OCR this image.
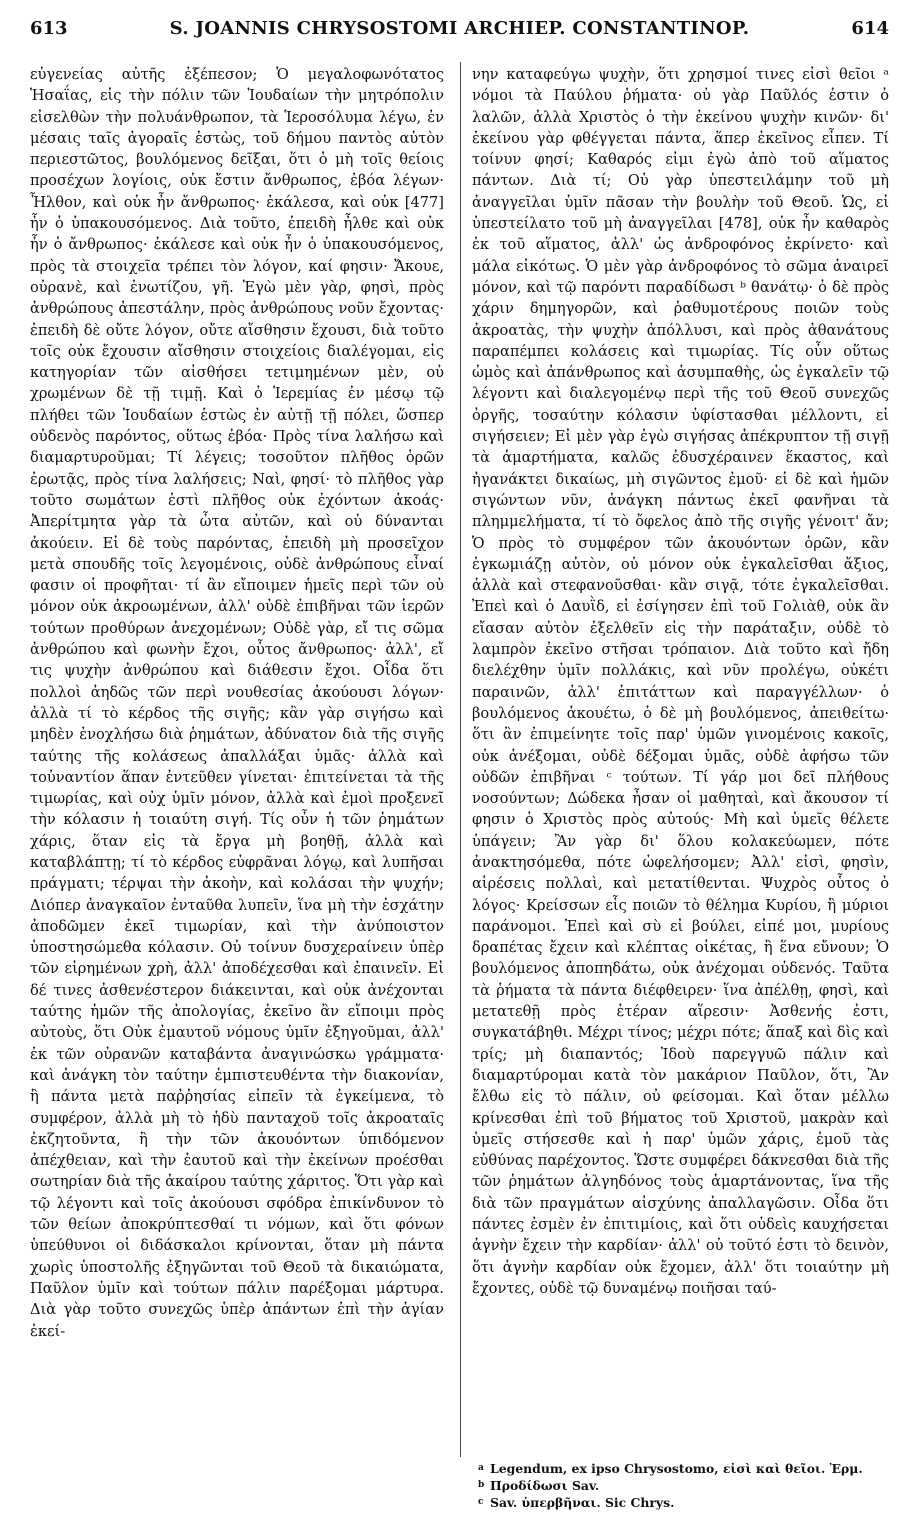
613	S. JOANNIS CHRYSOSTOMI ARCHIEP. CONSTANTINOP.	614

εὐγενείας αὐτῆς ἐξέπεσον; Ὁ μεγαλοφωνότατος Ἡσαΐας, εἰς τὴν πόλιν τῶν Ἰουδαίων τὴν μητρόπολιν εἰσελθὼν τὴν πολυάνθρωπον, τὰ Ἱεροσόλυμα λέγω, ἐν μέσαις ταῖς ἀγοραῖς ἑστὼς, τοῦ δήμου παντὸς αὐτὸν περιεστῶτος, βουλόμενος δεῖξαι, ὅτι ὁ μὴ τοῖς θείοις προσέχων λογίοις, οὐκ ἔστιν ἄνθρωπος, ἐβόα λέγων· Ἦλθον, καὶ οὐκ ἦν ἄνθρωπος· ἐκάλεσα, καὶ οὐκ [477] ἦν ὁ ὑπακουσόμενος. Διὰ τοῦτο, ἐπειδὴ ἦλθε καὶ οὐκ ἦν ὁ ἄνθρωπος· ἐκάλεσε καὶ οὐκ ἦν ὁ ὑπακουσόμενος, πρὸς τὰ στοιχεῖα τρέπει τὸν λόγον, καί φησιν· Ἄκουε, οὐρανὲ, καὶ ἐνωτίζου, γῆ. Ἐγὼ μὲν γὰρ, φησὶ, πρὸς ἀνθρώπους ἀπεστάλην, πρὸς ἀνθρώπους νοῦν ἔχοντας· ἐπειδὴ δὲ οὔτε λόγον, οὔτε αἴσθησιν ἔχουσι, διὰ τοῦτο τοῖς οὐκ ἔχουσιν αἴσθησιν στοιχείοις διαλέγομαι, εἰς κατηγορίαν τῶν αἰσθήσει τετιμημένων μὲν, οὐ χρωμένων δὲ τῇ τιμῇ. Καὶ ὁ Ἱερεμίας ἐν μέσῳ τῷ πλήθει τῶν Ἰουδαίων ἑστὼς ἐν αὐτῇ τῇ πόλει, ὥσπερ οὐδενὸς παρόντος, οὕτως ἐβόα· Πρὸς τίνα λαλήσω καὶ διαμαρτυροῦμαι; Τί λέγεις; τοσοῦτον πλῆθος ὁρῶν ἐρωτᾷς, πρὸς τίνα λαλήσεις; Ναὶ, φησί· τὸ πλῆθος γὰρ τοῦτο σωμάτων ἐστὶ πλῆθος οὐκ ἐχόντων ἀκοάς· Ἀπερίτμητα γὰρ τὰ ὦτα αὐτῶν, καὶ οὐ δύνανται ἀκούειν. Εἰ δὲ τοὺς παρόντας, ἐπειδὴ μὴ προσεῖχον μετὰ σπουδῆς τοῖς λεγομένοις, οὐδὲ ἀνθρώπους εἶναί φασιν οἱ προφῆται· τί ἂν εἴποιμεν ἡμεῖς περὶ τῶν οὐ μόνον οὐκ ἀκροωμένων, ἀλλ' οὐδὲ ἐπιβῆναι τῶν ἱερῶν τούτων προθύρων ἀνεχομένων; Οὐδὲ γὰρ, εἴ τις σῶμα ἀνθρώπου καὶ φωνὴν ἔχοι, οὗτος ἄνθρωπος· ἀλλ', εἴ τις ψυχὴν ἀνθρώπου καὶ διάθεσιν ἔχοι. Οἶδα ὅτι πολλοὶ ἀηδῶς τῶν περὶ νουθεσίας ἀκούουσι λόγων· ἀλλὰ τί τὸ κέρδος τῆς σιγῆς; κἂν γὰρ σιγήσω καὶ μηδὲν ἐνοχλήσω διὰ ῥημάτων, ἀδύνατον διὰ τῆς σιγῆς ταύτης τῆς κολάσεως ἀπαλλάξαι ὑμᾶς· ἀλλὰ καὶ τοὐναντίον ἅπαν ἐντεῦθεν γίνεται· ἐπιτείνεται τὰ τῆς τιμωρίας, καὶ οὐχ ὑμῖν μόνον, ἀλλὰ καὶ ἐμοὶ προξενεῖ τὴν κόλασιν ἡ τοιαύτη σιγή. Τίς οὖν ἡ τῶν ῥημάτων χάρις, ὅταν εἰς τὰ ἔργα μὴ βοηθῇ, ἀλλὰ καὶ καταβλάπτῃ; τί τὸ κέρδος εὐφρᾶναι λόγῳ, καὶ λυπῆσαι πράγματι; τέρψαι τὴν ἀκοὴν, καὶ κολάσαι τὴν ψυχήν; Διόπερ ἀναγκαῖον ἐνταῦθα λυπεῖν, ἵνα μὴ τὴν ἐσχάτην ἀποδῶμεν ἐκεῖ τιμωρίαν, καὶ τὴν ἀνύποιστον ὑποστησώμεθα κόλασιν. Οὐ τοίνυν δυσχεραίνειν ὑπὲρ τῶν εἰρημένων χρὴ, ἀλλ' ἀποδέχεσθαι καὶ ἐπαινεῖν. Εἰ δέ τινες ἀσθενέστερον διάκεινται, καὶ οὐκ ἀνέχονται ταύτης ἡμῶν τῆς ἀπολογίας, ἐκεῖνο ἂν εἴποιμι πρὸς αὐτοὺς, ὅτι Οὐκ ἐμαυτοῦ νόμους ὑμῖν ἐξηγοῦμαι, ἀλλ' ἐκ τῶν οὐρανῶν καταβάντα ἀναγινώσκω γράμματα· καὶ ἀνάγκη τὸν ταύτην ἐμπιστευθέντα τὴν διακονίαν, ἢ πάντα μετὰ παῤῥησίας εἰπεῖν τὰ ἐγκείμενα, τὸ συμφέρον, ἀλλὰ μὴ τὸ ἡδὺ πανταχοῦ τοῖς ἀκροαταῖς ἐκζητοῦντα, ἢ τὴν τῶν ἀκουόντων ὑπιδόμενον ἀπέχθειαν, καὶ τὴν ἑαυτοῦ καὶ τὴν ἐκείνων προέσθαι σωτηρίαν διὰ τῆς ἀκαίρου ταύτης χάριτος. Ὅτι γὰρ καὶ τῷ λέγοντι καὶ τοῖς ἀκούουσι σφόδρα ἐπικίνδυνον τὸ τῶν θείων ἀποκρύπτεσθαί τι νόμων, καὶ ὅτι φόνων ὑπεύθυνοι οἱ διδάσκαλοι κρίνονται, ὅταν μὴ πάντα χωρὶς ὑποστολῆς ἐξηγῶνται τοῦ Θεοῦ τὰ δικαιώματα, Παῦλον ὑμῖν καὶ τούτων πάλιν παρέξομαι μάρτυρα. Διὰ γὰρ τοῦτο συνεχῶς ὑπὲρ ἁπάντων ἐπὶ τὴν ἁγίαν ἐκεί-

νην καταφεύγω ψυχὴν, ὅτι χρησμοί τινες εἰσὶ θεῖοι ᵃ νόμοι τὰ Παύλου ῥήματα· οὐ γὰρ Παῦλός ἐστιν ὁ λαλῶν, ἀλλὰ Χριστὸς ὁ τὴν ἐκείνου ψυχὴν κινῶν· δι' ἐκείνου γὰρ φθέγγεται πάντα, ἅπερ ἐκεῖνος εἶπεν. Τί τοίνυν φησί; Καθαρός εἰμι ἐγὼ ἀπὸ τοῦ αἵματος πάντων. Διὰ τί; Οὐ γὰρ ὑπεστειλάμην τοῦ μὴ ἀναγγεῖλαι ὑμῖν πᾶσαν τὴν βουλὴν τοῦ Θεοῦ. Ὡς, εἰ ὑπεστείλατο τοῦ μὴ ἀναγγεῖλαι [478], οὐκ ἦν καθαρὸς ἐκ τοῦ αἵματος, ἀλλ' ὡς ἀνδροφόνος ἐκρίνετο· καὶ μάλα εἰκότως. Ὁ μὲν γὰρ ἀνδροφόνος τὸ σῶμα ἀναιρεῖ μόνον, καὶ τῷ παρόντι παραδίδωσι ᵇ θανάτῳ· ὁ δὲ πρὸς χάριν δημηγορῶν, καὶ ῥαθυμοτέρους ποιῶν τοὺς ἀκροατὰς, τὴν ψυχὴν ἀπόλλυσι, καὶ πρὸς ἀθανάτους παραπέμπει κολάσεις καὶ τιμωρίας. Τίς οὖν οὕτως ὠμὸς καὶ ἀπάνθρωπος καὶ ἀσυμπαθὴς, ὡς ἐγκαλεῖν τῷ λέγοντι καὶ διαλεγομένῳ περὶ τῆς τοῦ Θεοῦ συνεχῶς ὀργῆς, τοσαύτην κόλασιν ὑφίστασθαι μέλλοντι, εἰ σιγήσειεν; Εἰ μὲν γὰρ ἐγὼ σιγήσας ἀπέκρυπτον τῇ σιγῇ τὰ ἁμαρτήματα, καλῶς ἐδυσχέραινεν ἕκαστος, καὶ ἠγανάκτει δικαίως, μὴ σιγῶντος ἐμοῦ· εἰ δὲ καὶ ἡμῶν σιγώντων νῦν, ἀνάγκη πάντως ἐκεῖ φανῆναι τὰ πλημμελήματα, τί τὸ ὄφελος ἀπὸ τῆς σιγῆς γένοιτ' ἄν; Ὁ πρὸς τὸ συμφέρον τῶν ἀκουόντων ὁρῶν, κἂν ἐγκωμιάζῃ αὐτὸν, οὐ μόνον οὐκ ἐγκαλεῖσθαι ἄξιος, ἀλλὰ καὶ στεφανοῦσθαι· κἂν σιγᾷ, τότε ἐγκαλεῖσθαι. Ἐπεὶ καὶ ὁ Δαυῒδ, εἰ ἐσίγησεν ἐπὶ τοῦ Γολιὰθ, οὐκ ἂν εἴασαν αὐτὸν ἐξελθεῖν εἰς τὴν παράταξιν, οὐδὲ τὸ λαμπρὸν ἐκεῖνο στῆσαι τρόπαιον. Διὰ τοῦτο καὶ ἤδη διελέχθην ὑμῖν πολλάκις, καὶ νῦν προλέγω, οὐκέτι παραινῶν, ἀλλ' ἐπιτάττων καὶ παραγγέλλων· ὁ βουλόμενος ἀκουέτω, ὁ δὲ μὴ βουλόμενος, ἀπειθείτω· ὅτι ἂν ἐπιμείνητε τοῖς παρ' ὑμῶν γινομένοις κακοῖς, οὐκ ἀνέξομαι, οὐδὲ δέξομαι ὑμᾶς, οὐδὲ ἀφήσω τῶν οὐδῶν ἐπιβῆναι ᶜ τούτων. Τί γάρ μοι δεῖ πλήθους νοσούντων; Δώδεκα ἦσαν οἱ μαθηταὶ, καὶ ἄκουσον τί φησιν ὁ Χριστὸς πρὸς αὐτούς· Μὴ καὶ ὑμεῖς θέλετε ὑπάγειν; Ἂν γὰρ δι' ὅλου κολακεύωμεν, πότε ἀνακτησόμεθα, πότε ὠφελήσομεν; Ἀλλ' εἰσὶ, φησὶν, αἱρέσεις πολλαὶ, καὶ μετατίθενται. Ψυχρὸς οὗτος ὁ λόγος· Κρείσσων εἷς ποιῶν τὸ θέλημα Κυρίου, ἢ μύριοι παράνομοι. Ἐπεὶ καὶ σὺ εἰ βούλει, εἰπέ μοι, μυρίους δραπέτας ἔχειν καὶ κλέπτας οἰκέτας, ἢ ἕνα εὔνουν; Ὁ βουλόμενος ἀποπηδάτω, οὐκ ἀνέχομαι οὐδενός. Ταῦτα τὰ ῥήματα τὰ πάντα διέφθειρεν· ἵνα ἀπέλθῃ, φησὶ, καὶ μετατεθῇ πρὸς ἑτέραν αἵρεσιν· Ἀσθενής ἐστι, συγκατάβηθι. Μέχρι τίνος; μέχρι πότε; ἅπαξ καὶ δὶς καὶ τρίς; μὴ διαπαντός; Ἰδοὺ παρεγγυῶ πάλιν καὶ διαμαρτύρομαι κατὰ τὸν μακάριον Παῦλον, ὅτι, Ἂν ἔλθω εἰς τὸ πάλιν, οὐ φείσομαι. Καὶ ὅταν μέλλω κρίνεσθαι ἐπὶ τοῦ βήματος τοῦ Χριστοῦ, μακρὰν καὶ ὑμεῖς στήσεσθε καὶ ἡ παρ' ὑμῶν χάρις, ἐμοῦ τὰς εὐθύνας παρέχοντος. Ὥστε συμφέρει δάκνεσθαι διὰ τῆς τῶν ῥημάτων ἀλγηδόνος τοὺς ἁμαρτάνοντας, ἵνα τῆς διὰ τῶν πραγμάτων αἰσχύνης ἀπαλλαγῶσιν. Οἶδα ὅτι πάντες ἐσμὲν ἐν ἐπιτιμίοις, καὶ ὅτι οὐδεὶς καυχήσεται ἁγνὴν ἔχειν τὴν καρδίαν· ἀλλ' οὐ τοῦτό ἐστι τὸ δεινὸν, ὅτι ἁγνὴν καρδίαν οὐκ ἔχομεν, ἀλλ' ὅτι τοιαύτην μὴ ἔχοντες, οὐδὲ τῷ δυναμένῳ ποιῆσαι ταύ-

a Legendum, ex ipso Chrysostomo, εἰσὶ καὶ θεῖοι. Ἐρμ.
b Προδίδωσι Sav.
c Sav. ὑπερβῆναι. Sic Chrys.
